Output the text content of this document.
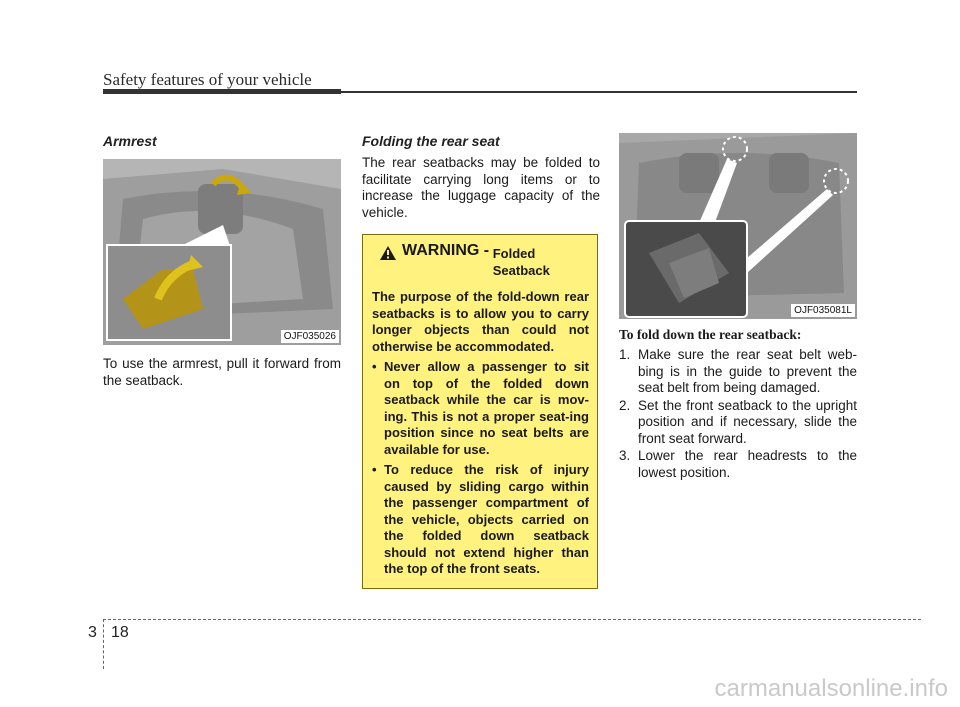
Safety features of your vehicle
Armrest
OJF035026

To use the armrest, pull it forward from the seatback.

Folding the rear seat

The rear seatbacks may be folded to facilitate carrying long items or to increase the luggage capacity of the vehicle.

WARNING - Folded
Seatback

The purpose of the fold-down rear seatbacks is to allow you to carry longer objects than could not otherwise be accommodated.

• Never allow a passenger to sit on top of the folded down seatback while the car is mov-ing. This is not a proper seat-ing position since no seat belts are available for use.
• To reduce the risk of injury caused by sliding cargo within the passenger compartment of the vehicle, objects carried on the folded down seatback should not extend higher than the top of the front seats.
OJF035081L
To fold down the rear seatback:
1. Make sure the rear seat belt web-bing is in the guide to prevent the seat belt from being damaged.
2. Set the front seatback to the upright position and if necessary, slide the front seat forward.
3. Lower the rear headrests to the lowest position.
3 18
carmanualsonline.info
